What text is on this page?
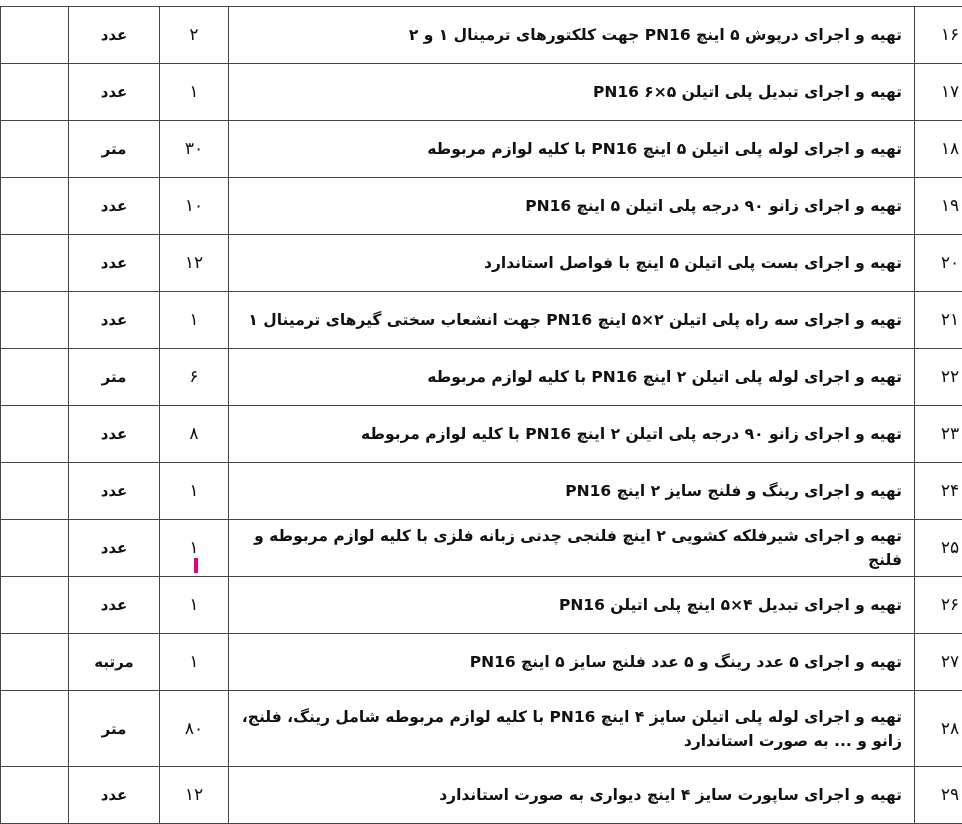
	عدد	۲	تهیه و اجرای درپوش ۵ اینچ PN16 جهت کلکتورهای ترمینال ۱ و ۲	۱۶
	عدد	۱	تهیه و اجرای تبدیل پلی اتیلن ۵×۶ PN16	۱۷
	متر	۳۰	تهیه و اجرای لوله پلی اتیلن ۵ اینچ PN16 با کلیه لوازم مربوطه	۱۸
	عدد	۱۰	تهیه و اجرای زانو ۹۰ درجه پلی اتیلن ۵ اینچ PN16	۱۹
	عدد	۱۲	تهیه و اجرای بست پلی اتیلن ۵ اینچ با فواصل استاندارد	۲۰
	عدد	۱	تهیه و اجرای سه راه پلی اتیلن ۲×۵ اینچ PN16 جهت انشعاب سختی گیرهای ترمینال ۱	۲۱
	متر	۶	تهیه و اجرای لوله پلی اتیلن ۲ اینچ PN16 با کلیه لوازم مربوطه	۲۲
	عدد	۸	تهیه و اجرای زانو ۹۰ درجه پلی اتیلن ۲ اینچ PN16 با کلیه لوازم مربوطه	۲۳
	عدد	۱	تهیه و اجرای رینگ و فلنج سایز ۲ اینچ PN16	۲۴
	عدد	۱	تهیه و اجرای شیرفلکه کشویی ۲ اینچ فلنجی چدنی زبانه فلزی با کلیه لوازم مربوطه و فلنج	۲۵
	عدد	۱	تهیه و اجرای تبدیل ۴×۵ اینچ پلی اتیلن PN16	۲۶
	مرتبه	۱	تهیه و اجرای ۵ عدد رینگ و ۵ عدد فلنج سایز ۵ اینچ PN16	۲۷
	متر	۸۰	تهیه و اجرای لوله پلی اتیلن سایز ۴ اینچ PN16 با کلیه لوازم مربوطه شامل رینگ، فلنج، زانو و ... به صورت استاندارد	۲۸
	عدد	۱۲	تهیه و اجرای ساپورت سایز ۴ اینچ دیواری به صورت استاندارد	۲۹
